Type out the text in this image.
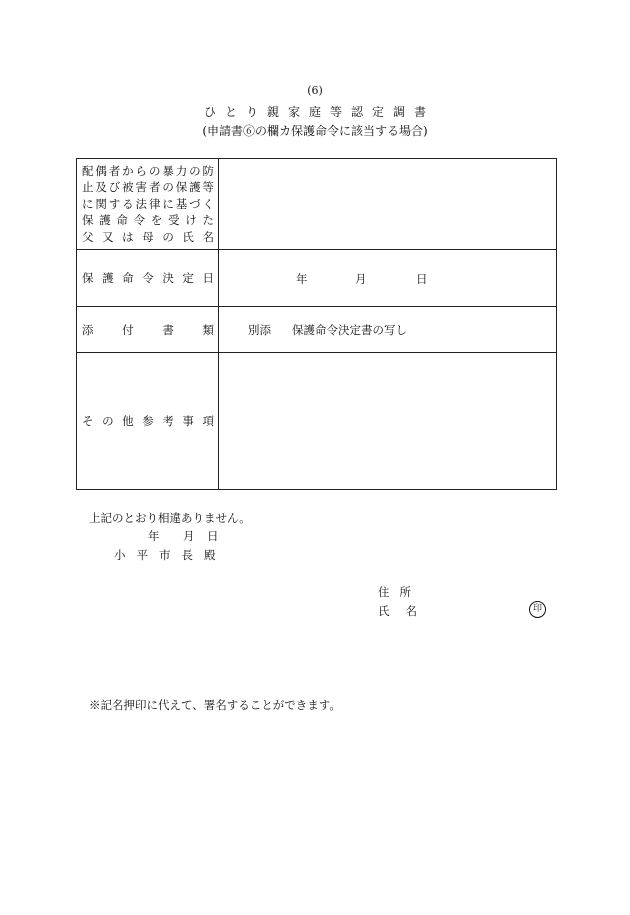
(6)
ひとり親家庭等認定調書
(申請書⑥の欄カ保護命令に該当する場合)
配偶者からの暴力の防
止及び被害者の保護等
に関する法律に基づく
保護命令を受けた
父又は母の氏名	

保護命令決定日	年 月 日

添付書類	別添 保護命令決定書の写し

その他参考事項	

上記のとおり相違ありません。
年 月 日
小平市長殿
住所
氏名	印
※記名押印に代えて、署名することができます。
